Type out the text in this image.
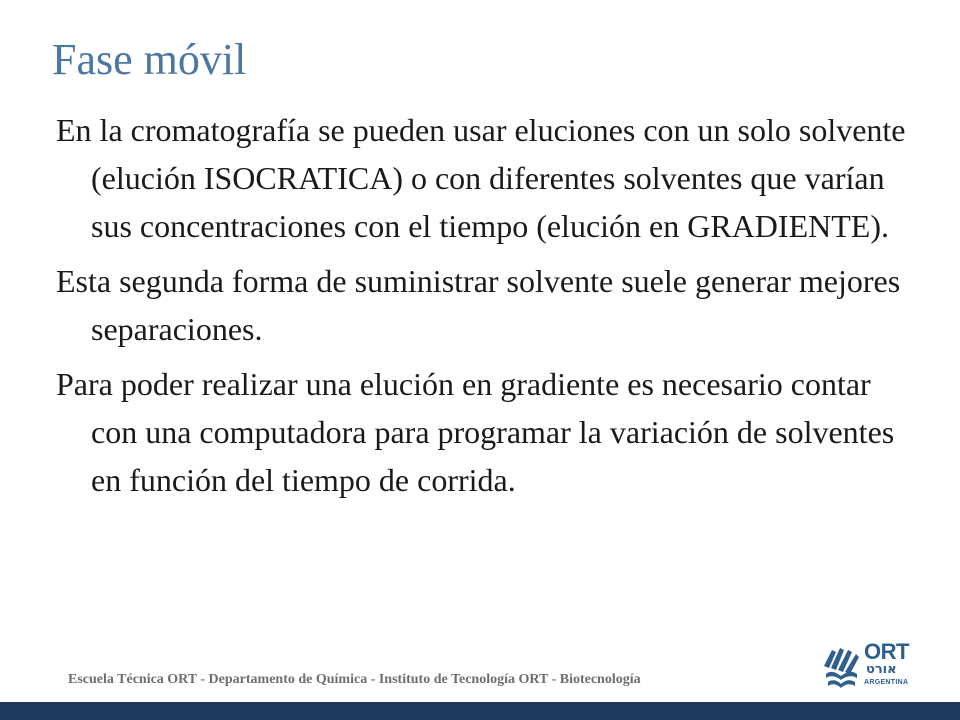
Fase móvil

En la cromatografía se pueden usar eluciones con un solo solvente (elución ISOCRATICA) o con diferentes solventes que varían sus concentraciones con el tiempo (elución en GRADIENTE).

Esta segunda forma de suministrar solvente suele generar mejores separaciones.

Para poder realizar una elución en gradiente es necesario contar con una computadora para programar la variación de solventes en función del tiempo de corrida.

Escuela Técnica ORT - Departamento de Química - Instituto de Tecnología ORT - Biotecnología
ORT
אורט
ARGENTINA
